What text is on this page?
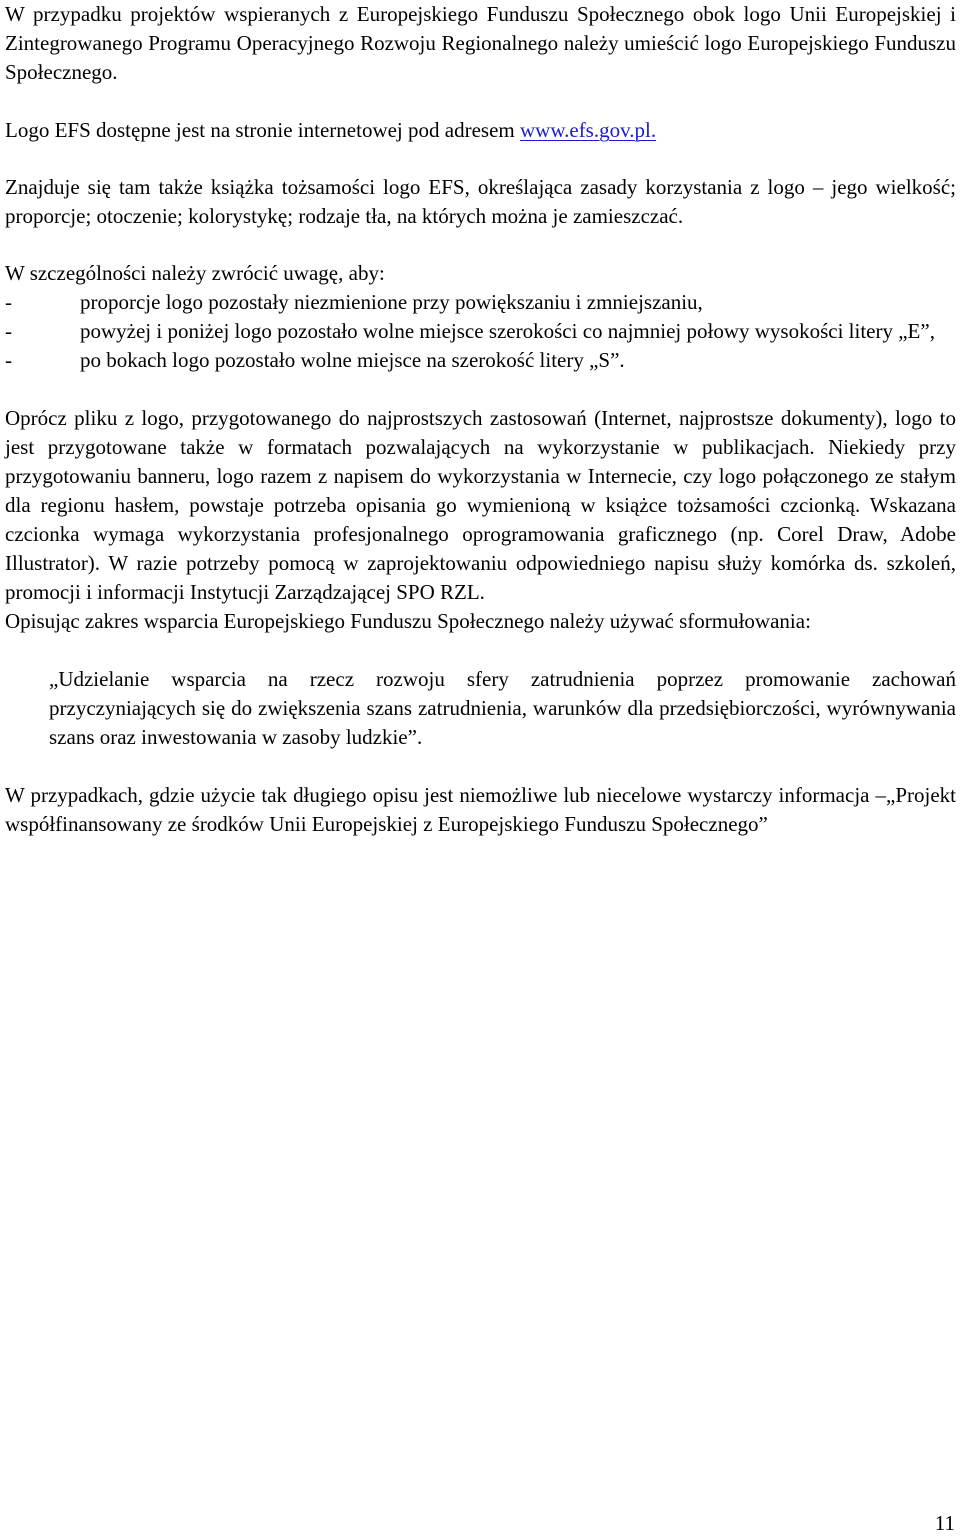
W przypadku projektów wspieranych z Europejskiego Funduszu Społecznego obok logo Unii Europejskiej i Zintegrowanego Programu Operacyjnego Rozwoju Regionalnego należy umieścić logo Europejskiego Funduszu Społecznego.

Logo EFS dostępne jest na stronie internetowej pod adresem www.efs.gov.pl.

Znajduje się tam także książka tożsamości logo EFS, określająca zasady korzystania z logo – jego wielkość; proporcje; otoczenie; kolorystykę; rodzaje tła, na których można je zamieszczać.

W szczególności należy zwrócić uwagę, aby:

-	proporcje logo pozostały niezmienione przy powiększaniu i zmniejszaniu,
-	powyżej i poniżej logo pozostało wolne miejsce szerokości co najmniej połowy wysokości litery „E”,
-	po bokach logo pozostało wolne miejsce na szerokość litery „S”.

Oprócz pliku z logo, przygotowanego do najprostszych zastosowań (Internet, najprostsze dokumenty), logo to jest przygotowane także w formatach pozwalających na wykorzystanie w publikacjach. Niekiedy przy przygotowaniu banneru, logo razem z napisem do wykorzystania w Internecie, czy logo połączonego ze stałym dla regionu hasłem, powstaje potrzeba opisania go wymienioną w książce tożsamości czcionką. Wskazana czcionka wymaga wykorzystania profesjonalnego oprogramowania graficznego (np. Corel Draw, Adobe Illustrator). W razie potrzeby pomocą w zaprojektowaniu odpowiedniego napisu służy komórka ds. szkoleń, promocji i informacji Instytucji Zarządzającej SPO RZL.

Opisując zakres wsparcia Europejskiego Funduszu Społecznego należy używać sformułowania:

„Udzielanie wsparcia na rzecz rozwoju sfery zatrudnienia poprzez promowanie zachowań przyczyniających się do zwiększenia szans zatrudnienia, warunków dla przedsiębiorczości, wyrównywania szans oraz inwestowania w zasoby ludzkie”.

W przypadkach, gdzie użycie tak długiego opisu jest niemożliwe lub niecelowe wystarczy informacja –„Projekt współfinansowany ze środków Unii Europejskiej z Europejskiego Funduszu Społecznego”

11
